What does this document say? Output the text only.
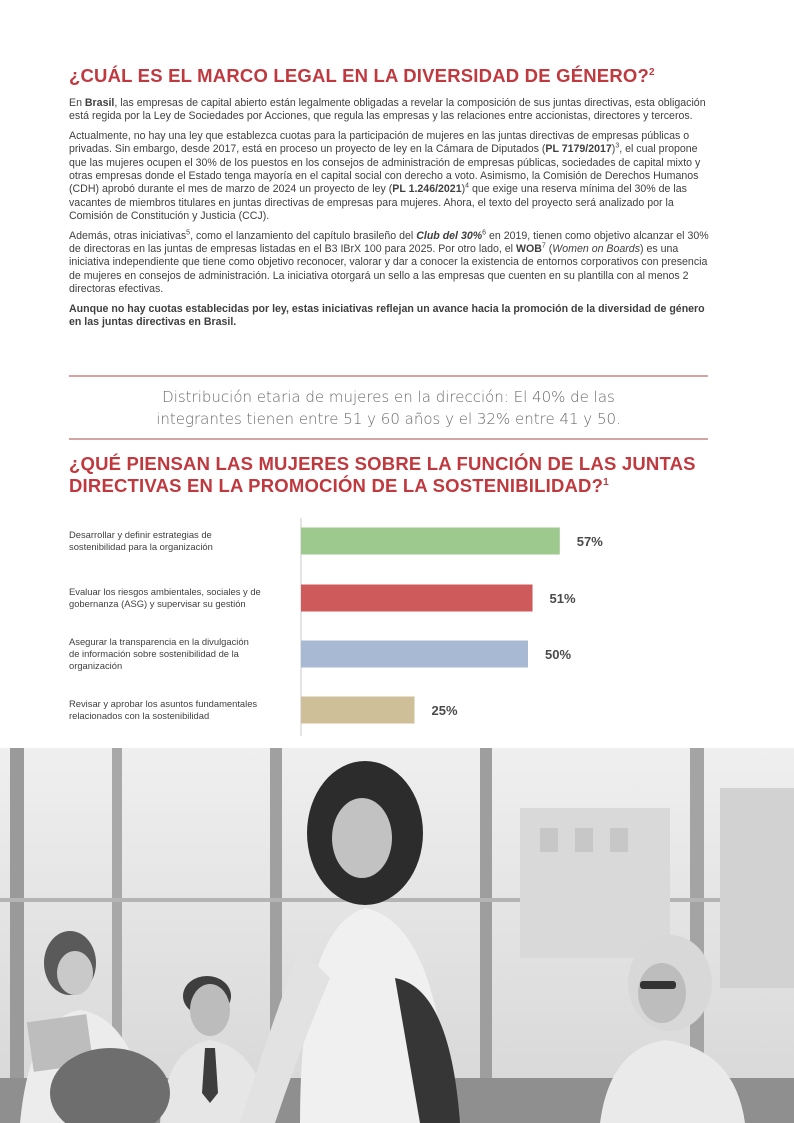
¿CUÁL ES EL MARCO LEGAL EN LA DIVERSIDAD DE GÉNERO?$^2$

En Brasil, las empresas de capital abierto están legalmente obligadas a revelar la composición de sus juntas directivas, esta obligación está regida por la Ley de Sociedades por Acciones, que regula las empresas y las relaciones entre accionistas, directores y terceros.

Actualmente, no hay una ley que establezca cuotas para la participación de mujeres en las juntas directivas de empresas públicas o privadas. Sin embargo, desde 2017, está en proceso un proyecto de ley en la Cámara de Diputados (PL 7179/2017)$^3$, el cual propone que las mujeres ocupen el 30% de los puestos en los consejos de administración de empresas públicas, sociedades de capital mixto y otras empresas donde el Estado tenga mayoría en el capital social con derecho a voto. Asimismo, la Comisión de Derechos Humanos (CDH) aprobó durante el mes de marzo de 2024 un proyecto de ley (PL 1.246/2021)$^4$ que exige una reserva mínima del 30% de las vacantes de miembros titulares en juntas directivas de empresas para mujeres. Ahora, el texto del proyecto será analizado por la Comisión de Constitución y Justicia (CCJ).

Además, otras iniciativas$^5$, como el lanzamiento del capítulo brasileño del Club del 30%$^6$ en 2019, tienen como objetivo alcanzar el 30% de directoras en las juntas de empresas listadas en el B3 IBrX 100 para 2025. Por otro lado, el WOB$^7$ (Women on Boards) es una iniciativa independiente que tiene como objetivo reconocer, valorar y dar a conocer la existencia de entornos corporativos con presencia de mujeres en consejos de administración. La iniciativa otorgará un sello a las empresas que cuenten en su plantilla con al menos 2 directoras efectivas.

Aunque no hay cuotas establecidas por ley, estas iniciativas reflejan un avance hacia la promoción de la diversidad de género en las juntas directivas en Brasil.

Distribución etaria de mujeres en la dirección: El 40% de las
integrantes tienen entre 51 y 60 años y el 32% entre 41 y 50.
¿QUÉ PIENSAN LAS MUJERES SOBRE LA FUNCIÓN DE LAS JUNTAS
DIRECTIVAS EN LA PROMOCIÓN DE LA SOSTENIBILIDAD?$^1$
57%
Desarrollar y definir estrategias de sostenibilidad para la organización
51%
Evaluar los riesgos ambientales, sociales y de gobernanza (ASG) y supervisar su gestión
50%
Asegurar la transparencia en la divulgación de información sobre sostenibilidad de la organización
25%
Revisar y aprobar los asuntos fundamentales relacionados con la sostenibilidad
